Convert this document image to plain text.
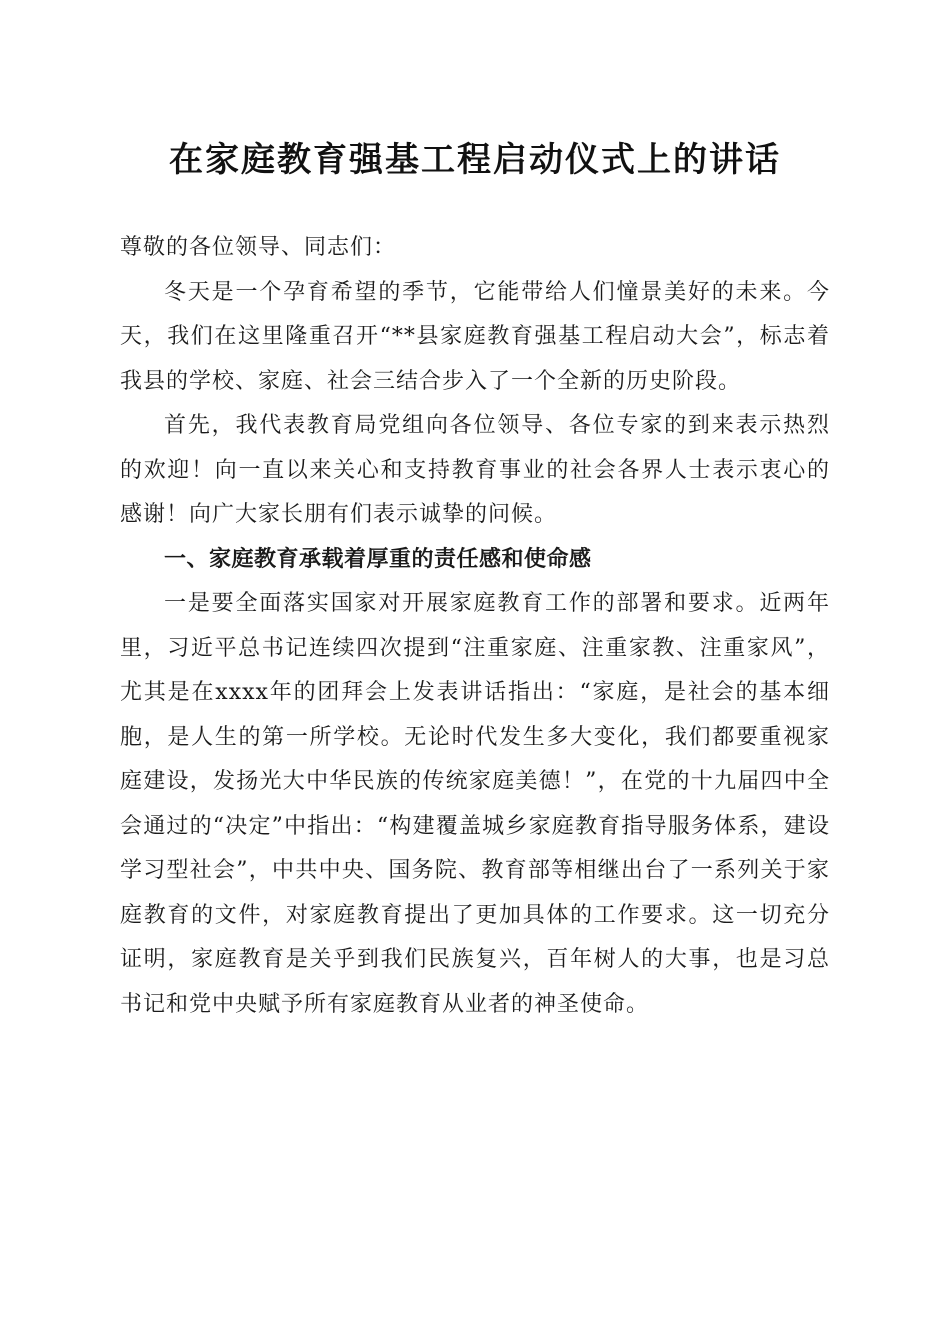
在家庭教育强基工程启动仪式上的讲话

尊敬的各位领导、同志们：

冬天是一个孕育希望的季节，它能带给人们憧景美好的未来。今天，我们在这里隆重召开“**县家庭教育强基工程启动大会”，标志着我县的学校、家庭、社会三结合步入了一个全新的历史阶段。

首先，我代表教育局党组向各位领导、各位专家的到来表示热烈的欢迎！向一直以来关心和支持教育事业的社会各界人士表示衷心的感谢！向广大家长朋有们表示诚挚的问候。

一、家庭教育承载着厚重的责任感和使命感

一是要全面落实国家对开展家庭教育工作的部署和要求。近两年里，习近平总书记连续四次提到“注重家庭、注重家教、注重家风”，尤其是在xxxx年的团拜会上发表讲话指出：“家庭，是社会的基本细胞，是人生的第一所学校。无论时代发生多大变化，我们都要重视家庭建设，发扬光大中华民族的传统家庭美德！”，在党的十九届四中全会通过的“决定”中指出：“构建覆盖城乡家庭教育指导服务体系，建设学习型社会”，中共中央、国务院、教育部等相继出台了一系列关于家庭教育的文件，对家庭教育提出了更加具体的工作要求。这一切充分证明，家庭教育是关乎到我们民族复兴，百年树人的大事，也是习总书记和党中央赋予所有家庭教育从业者的神圣使命。
